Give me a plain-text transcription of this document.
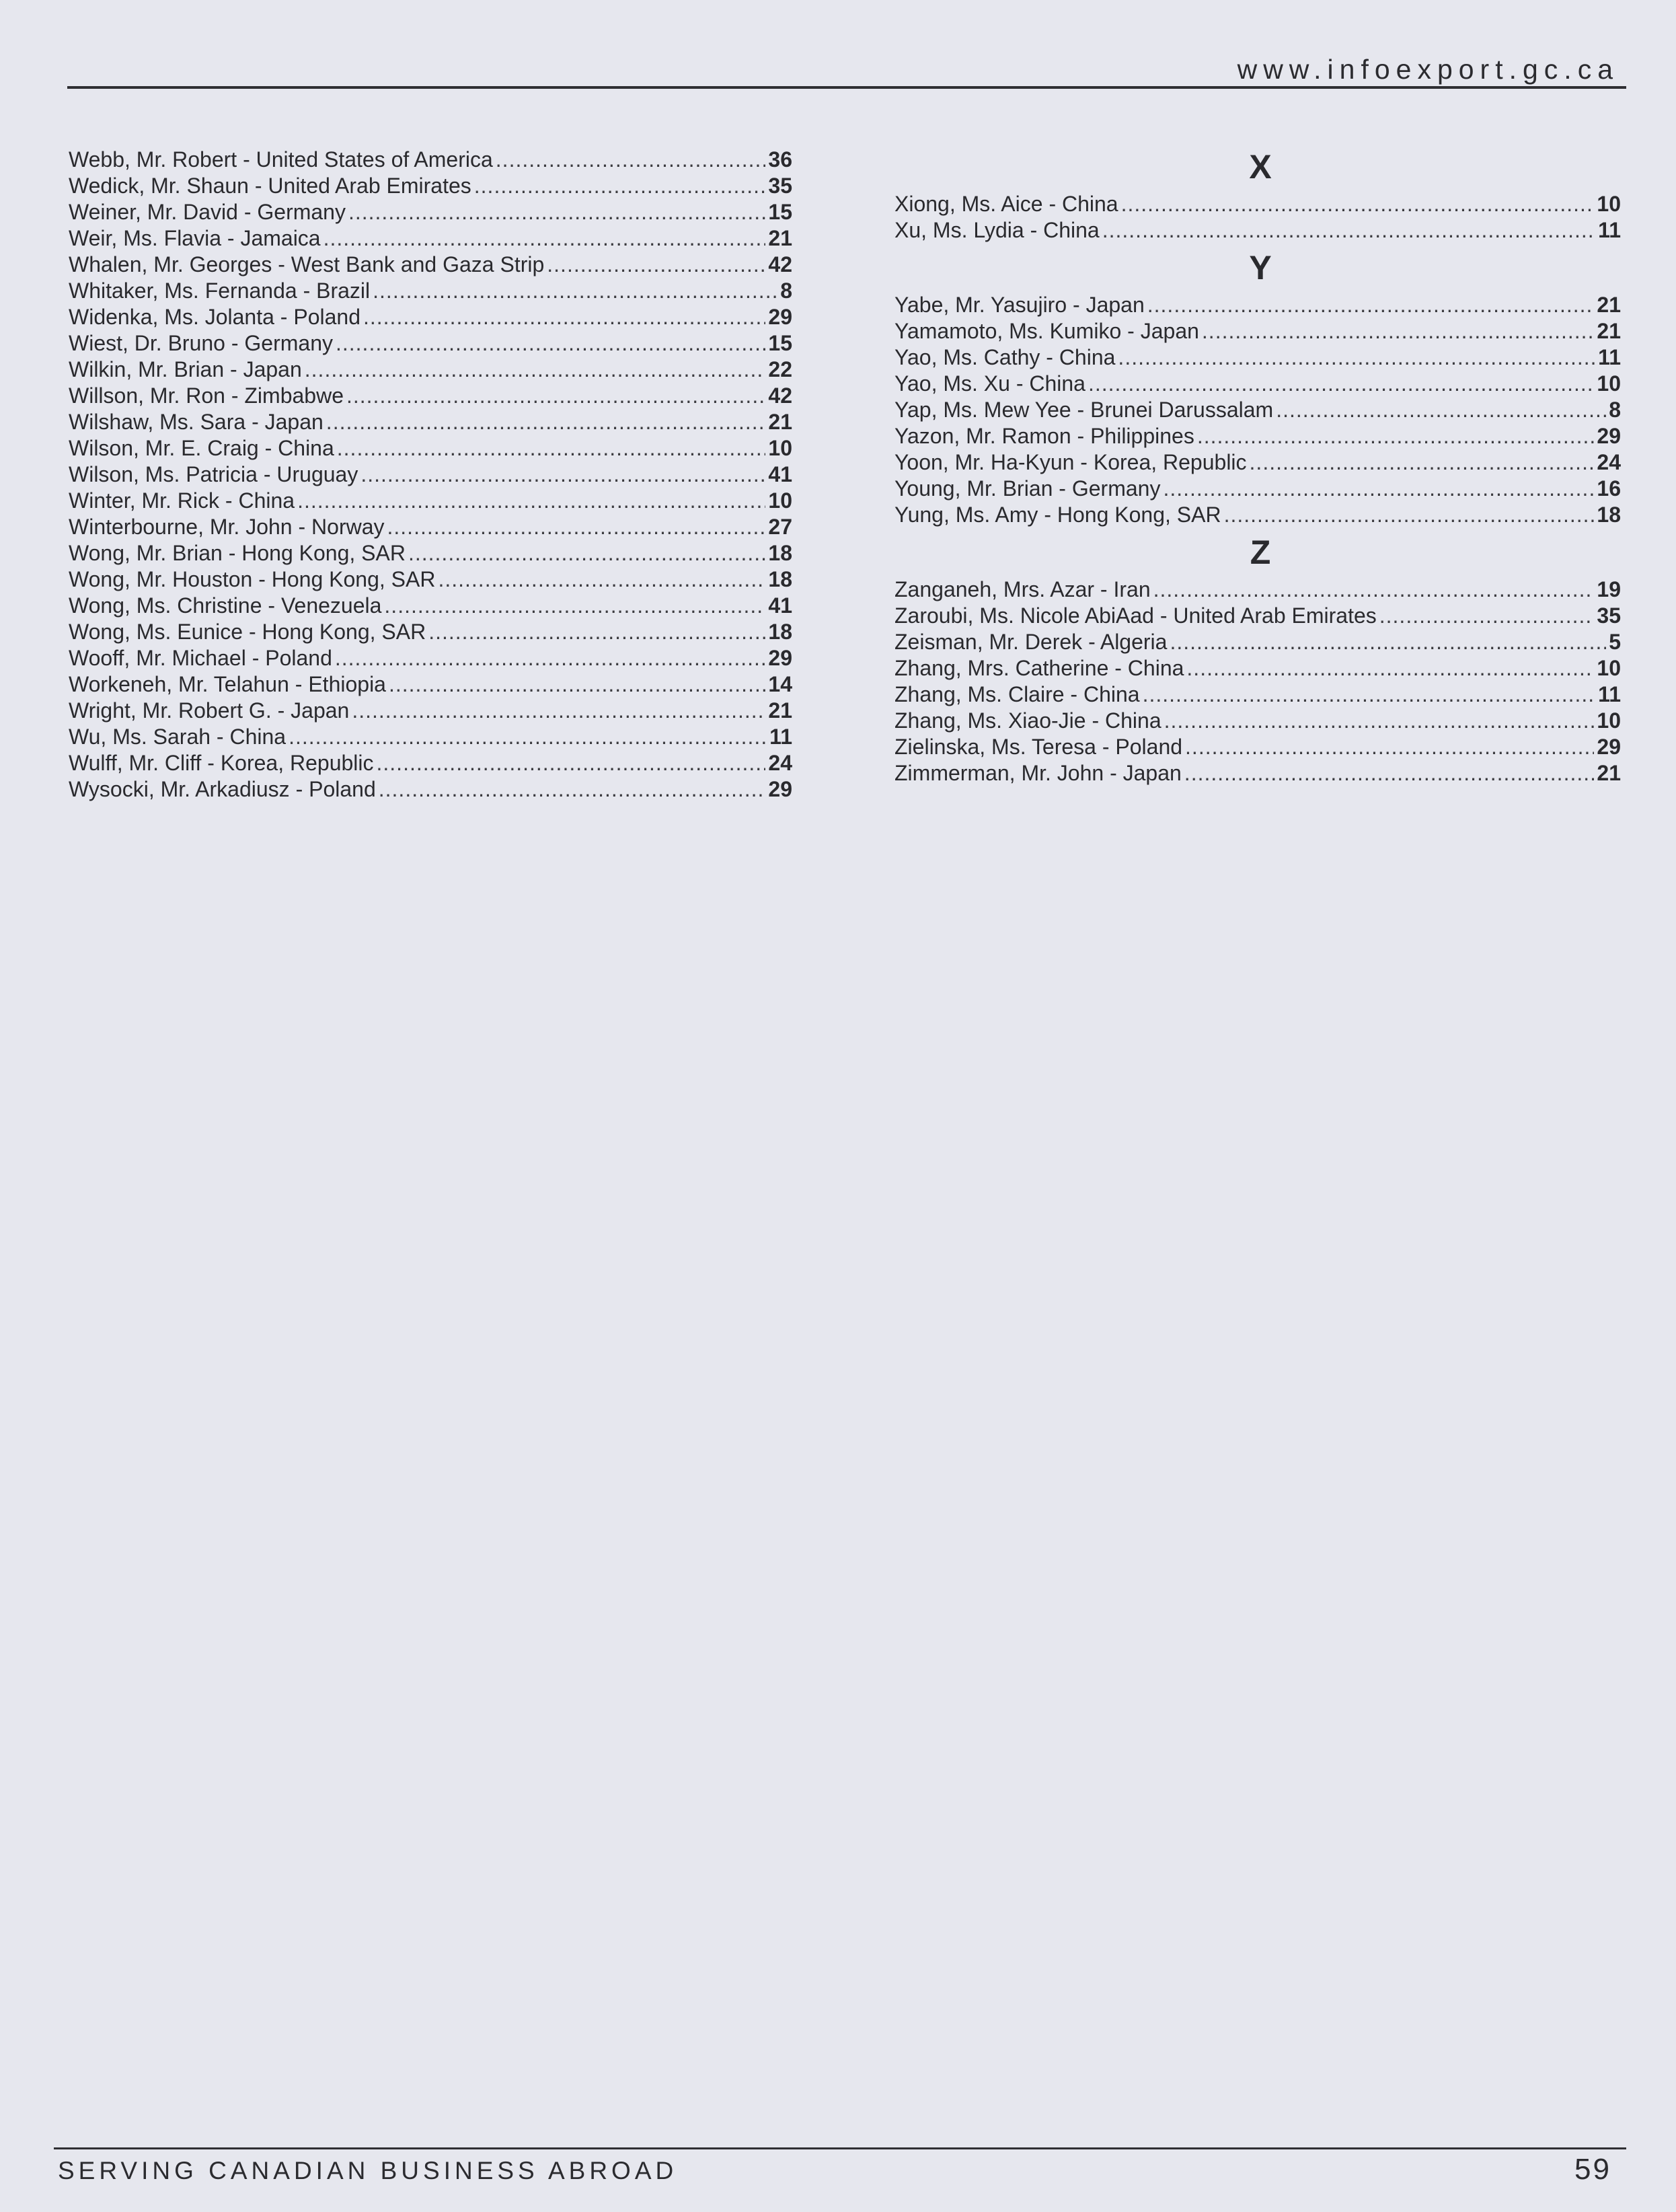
www.infoexport.gc.ca
Webb, Mr. Robert - United States of America .....	36
Wedick, Mr. Shaun - United Arab Emirates .....	35
Weiner, Mr. David - Germany .....	15
Weir, Ms. Flavia - Jamaica .....	21
Whalen, Mr. Georges - West Bank and Gaza Strip .....	42
Whitaker, Ms. Fernanda - Brazil .....	8
Widenka, Ms. Jolanta - Poland .....	29
Wiest, Dr. Bruno - Germany .....	15
Wilkin, Mr. Brian - Japan .....	22
Willson, Mr. Ron - Zimbabwe .....	42
Wilshaw, Ms. Sara - Japan .....	21
Wilson, Mr. E. Craig - China .....	10
Wilson, Ms. Patricia - Uruguay .....	41
Winter, Mr. Rick - China .....	10
Winterbourne, Mr. John - Norway .....	27
Wong, Mr. Brian - Hong Kong, SAR .....	18
Wong, Mr. Houston - Hong Kong, SAR .....	18
Wong, Ms. Christine - Venezuela .....	41
Wong, Ms. Eunice - Hong Kong, SAR .....	18
Wooff, Mr. Michael - Poland .....	29
Workeneh, Mr. Telahun - Ethiopia .....	14
Wright, Mr. Robert G. - Japan .....	21
Wu, Ms. Sarah - China .....	11
Wulff, Mr. Cliff - Korea, Republic .....	24
Wysocki, Mr. Arkadiusz - Poland .....	29
X
Xiong, Ms. Aice - China .....	10
Xu, Ms. Lydia - China .....	11
Y
Yabe, Mr. Yasujiro - Japan .....	21
Yamamoto, Ms. Kumiko - Japan .....	21
Yao, Ms. Cathy - China .....	11
Yao, Ms. Xu - China .....	10
Yap, Ms. Mew Yee - Brunei Darussalam .....	8
Yazon, Mr. Ramon - Philippines .....	29
Yoon, Mr. Ha-Kyun - Korea, Republic .....	24
Young, Mr. Brian - Germany .....	16
Yung, Ms. Amy - Hong Kong, SAR .....	18
Z
Zanganeh, Mrs. Azar - Iran .....	19
Zaroubi, Ms. Nicole AbiAad - United Arab Emirates .....	35
Zeisman, Mr. Derek - Algeria .....	5
Zhang, Mrs. Catherine - China .....	10
Zhang, Ms. Claire - China .....	11
Zhang, Ms. Xiao-Jie - China .....	10
Zielinska, Ms. Teresa - Poland .....	29
Zimmerman, Mr. John - Japan .....	21
SERVING CANADIAN BUSINESS ABROAD	59
